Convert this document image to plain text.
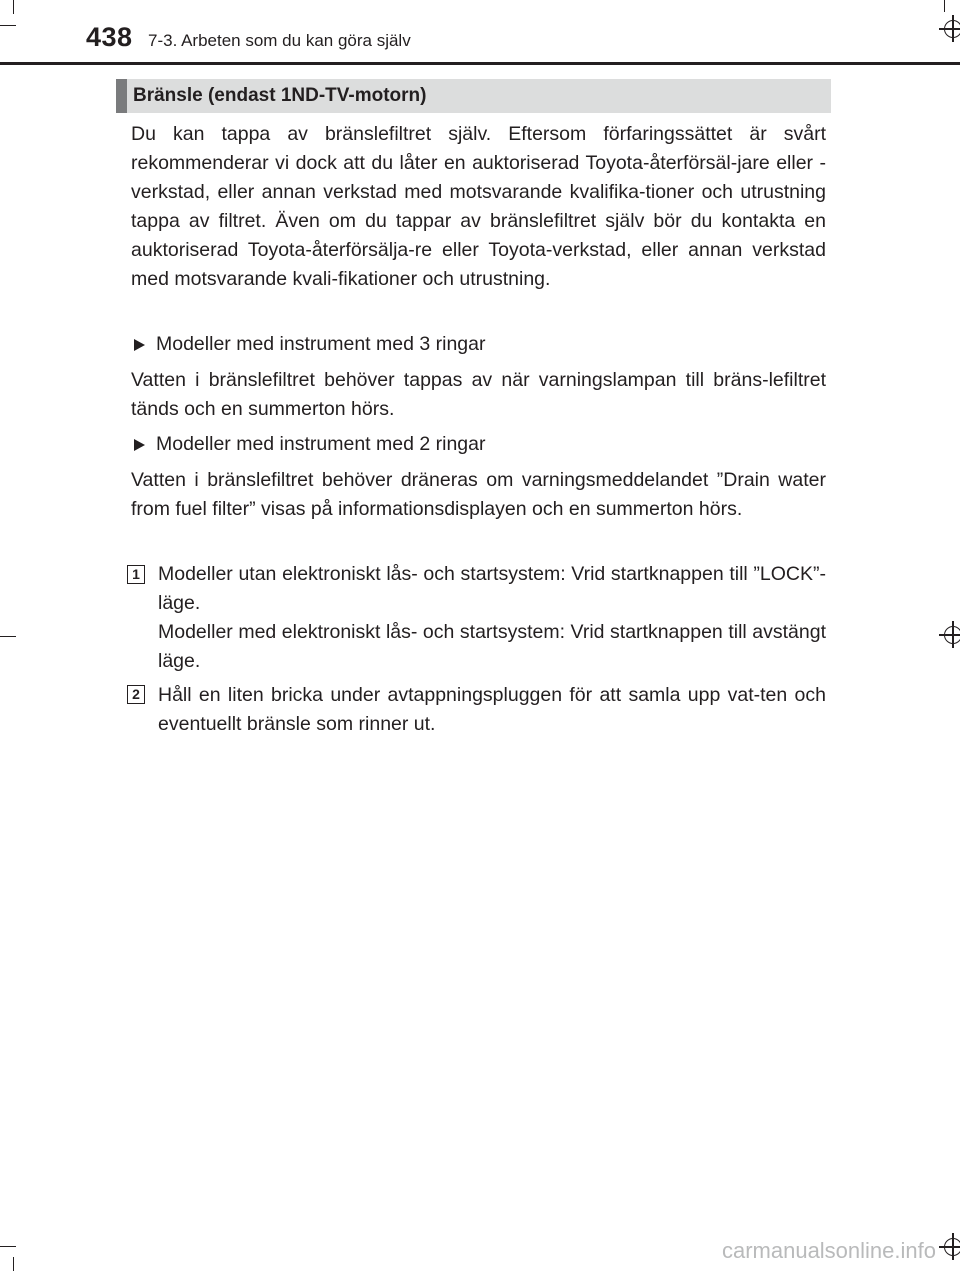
438 7-3. Arbeten som du kan göra själv
Bränsle (endast 1ND-TV-motorn)

Du kan tappa av bränslefiltret själv. Eftersom förfaringssättet är svårt rekommenderar vi dock att du låter en auktoriserad Toyota-återförsäl-jare eller -verkstad, eller annan verkstad med motsvarande kvalifika-tioner och utrustning tappa av filtret. Även om du tappar av bränslefiltret själv bör du kontakta en auktoriserad Toyota-återförsälja-re eller Toyota-verkstad, eller annan verkstad med motsvarande kvali-fikationer och utrustning.

Modeller med instrument med 3 ringar

Vatten i bränslefiltret behöver tappas av när varningslampan till bräns-lefiltret tänds och en summerton hörs.

Modeller med instrument med 2 ringar

Vatten i bränslefiltret behöver dräneras om varningsmeddelandet ”Drain water from fuel filter” visas på informationsdisplayen och en summerton hörs.

1 Modeller utan elektroniskt lås- och startsystem: Vrid startknappen till ”LOCK”-läge.

Modeller med elektroniskt lås- och startsystem: Vrid startknappen till avstängt läge.

2 Håll en liten bricka under avtappningspluggen för att samla upp vat-ten och eventuellt bränsle som rinner ut.

carmanualsonline.info
